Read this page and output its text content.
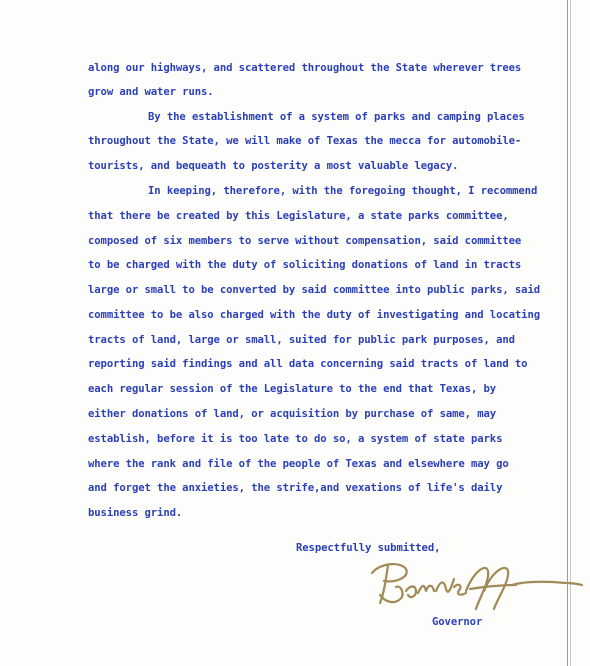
along our highways, and scattered throughout the State wherever trees
grow and water runs.
By the establishment of a system of parks and camping places
throughout the State, we will make of Texas the mecca for automobile-
tourists, and bequeath to posterity a most valuable legacy.
In keeping, therefore, with the foregoing thought, I recommend
that there be created by this Legislature, a state parks committee,
composed of six members to serve without compensation, said committee
to be charged with the duty of soliciting donations of land in tracts
large or small to be converted by said committee into public parks, said
committee to be also charged with the duty of investigating and locating
tracts of land, large or small, suited for public park purposes, and
reporting said findings and all data concerning said tracts of land to
each regular session of the Legislature to the end that Texas, by
either donations of land, or acquisition by purchase of same, may
establish, before it is too late to do so, a system of state parks
where the rank and file of the people of Texas and elsewhere may go
and forget the anxieties, the strife,and vexations of life's daily
business grind.
Respectfully submitted,
Governor
